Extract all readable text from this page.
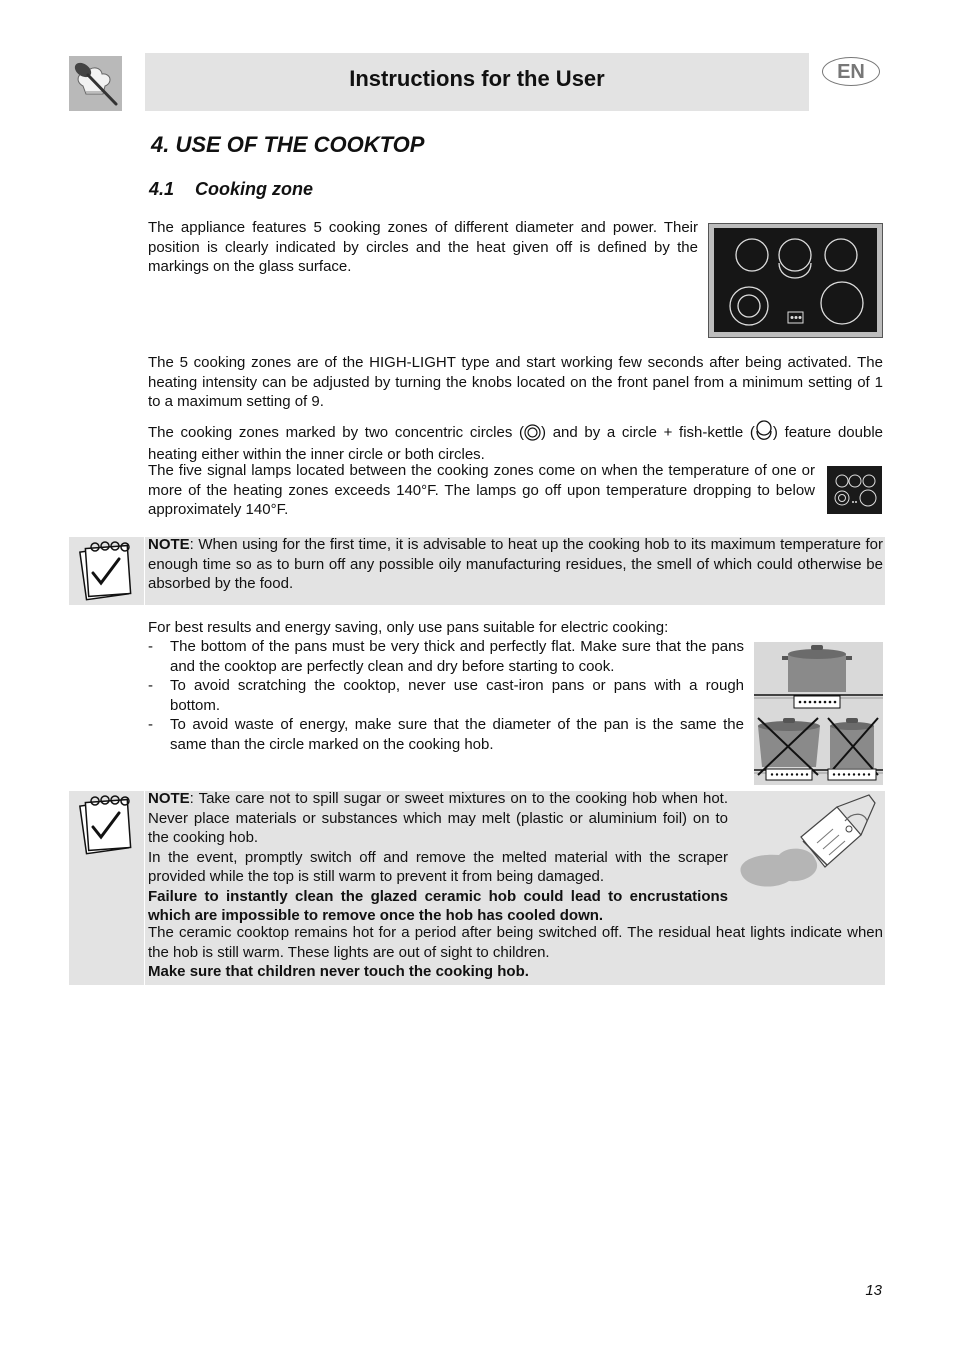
Instructions for the User	EN
4. USE OF THE COOKTOP
4.1 Cooking zone

The appliance features 5 cooking zones of different diameter and power. Their position is clearly indicated by circles and the heat given off is defined by the markings on the glass surface.

The 5 cooking zones are of the HIGH-LIGHT type and start working few seconds after being activated. The heating intensity can be adjusted by turning the knobs located on the front panel from a minimum setting of 1 to a maximum setting of 9.

The cooking zones marked by two concentric circles ( ) and by a circle + fish-kettle ( ) feature double heating either within the inner circle or both circles.

The five signal lamps located between the cooking zones come on when the temperature of one or more of the heating zones exceeds 140°F. The lamps go off upon temperature dropping to below approximately 140°F.

NOTE: When using for the first time, it is advisable to heat up the cooking hob to its maximum temperature for enough time so as to burn off any possible oily manufacturing residues, the smell of which could otherwise be absorbed by the food.

For best results and energy saving, only use pans suitable for electric cooking:

- The bottom of the pans must be very thick and perfectly flat. Make sure that the pans and the cooktop are perfectly clean and dry before starting to cook.
- To avoid scratching the cooktop, never use cast-iron pans or pans with a rough bottom.
- To avoid waste of energy, make sure that the diameter of the pan is the same the same than the circle marked on the cooking hob.

NOTE: Take care not to spill sugar or sweet mixtures on to the cooking hob when hot. Never place materials or substances which may melt (plastic or aluminium foil) on to the cooking hob.

In the event, promptly switch off and remove the melted material with the scraper provided while the top is still warm to prevent it from being damaged.

Failure to instantly clean the glazed ceramic hob could lead to encrustations which are impossible to remove once the hob has cooled down.

The ceramic cooktop remains hot for a period after being switched off. The residual heat lights indicate when the hob is still warm. These lights are out of sight to children.

Make sure that children never touch the cooking hob.

13
